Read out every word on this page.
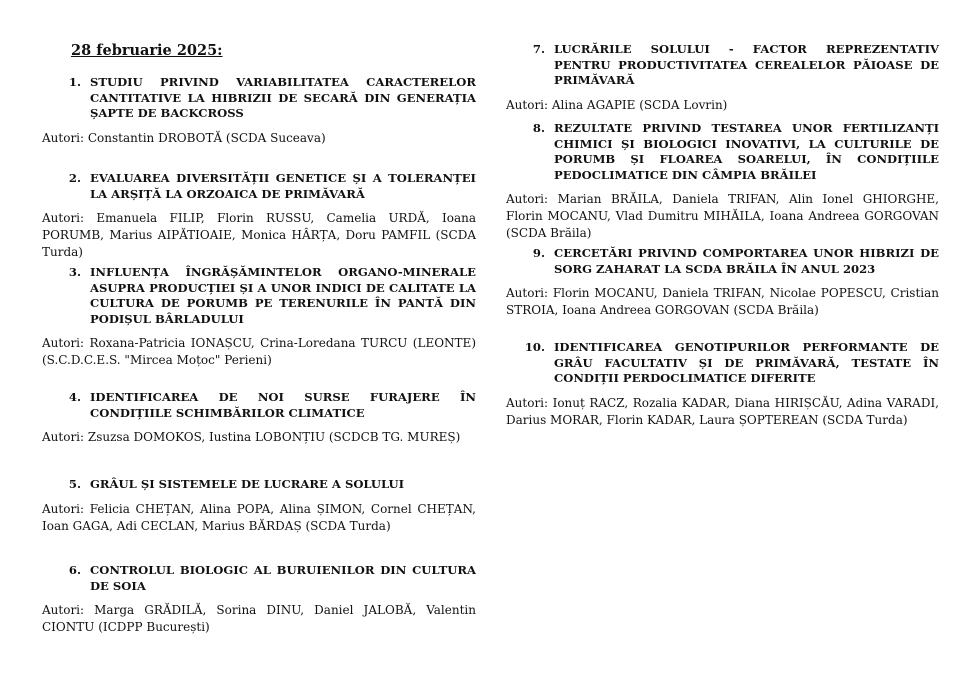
28 februarie 2025:
1. STUDIU PRIVIND VARIABILITATEA CARACTERELOR CANTITATIVE LA HIBRIZII DE SECARĂ DIN GENERAȚIA ȘAPTE DE BACKCROSS

Autori: Constantin DROBOTĂ (SCDA Suceava)

2. EVALUAREA DIVERSITĂȚII GENETICE ȘI A TOLERANȚEI LA ARȘIȚĂ LA ORZOAICA DE PRIMĂVARĂ

Autori: Emanuela FILIP, Florin RUSSU, Camelia URDĂ, Ioana PORUMB, Marius AIPĂTIOAIE, Monica HÂRȚA, Doru PAMFIL (SCDA Turda)

3. INFLUENȚA ÎNGRĂȘĂMINTELOR ORGANO-MINERALE ASUPRA PRODUCȚIEI ȘI A UNOR INDICI DE CALITATE LA CULTURA DE PORUMB PE TERENURILE ÎN PANTĂ DIN PODIȘUL BÂRLADULUI

Autori: Roxana-Patricia IONAȘCU, Crina-Loredana TURCU (LEONTE) (S.C.D.C.E.S. "Mircea Moțoc" Perieni)

4. IDENTIFICAREA DE NOI SURSE FURAJERE ÎN CONDIȚIILE SCHIMBĂRILOR CLIMATICE

Autori: Zsuzsa DOMOKOS, Iustina LOBONȚIU (SCDCB TG. MUREȘ)

5. GRÂUL ȘI SISTEMELE DE LUCRARE A SOLULUI

Autori: Felicia CHEȚAN, Alina POPA, Alina ȘIMON, Cornel CHEȚAN, Ioan GAGA, Adi CECLAN, Marius BĂRDAȘ (SCDA Turda)

6. CONTROLUL BIOLOGIC AL BURUIENILOR DIN CULTURA DE SOIA

Autori: Marga GRĂDILĂ, Sorina DINU, Daniel JALOBĂ, Valentin CIONTU (ICDPP București)

7. LUCRĂRILE SOLULUI - FACTOR REPREZENTATIV PENTRU PRODUCTIVITATEA CEREALELOR PĂIOASE DE PRIMĂVARĂ

Autori: Alina AGAPIE (SCDA Lovrin)

8. REZULTATE PRIVIND TESTAREA UNOR FERTILIZANȚI CHIMICI ȘI BIOLOGICI INOVATIVI, LA CULTURILE DE PORUMB ȘI FLOAREA SOARELUI, ÎN CONDIȚIILE PEDOCLIMATICE DIN CÂMPIA BRĂILEI

Autori: Marian BRĂILA, Daniela TRIFAN, Alin Ionel GHIORGHE, Florin MOCANU, Vlad Dumitru MIHĂILA, Ioana Andreea GORGOVAN (SCDA Brăila)

9. CERCETĂRI PRIVIND COMPORTAREA UNOR HIBRIZI DE SORG ZAHARAT LA SCDA BRĂILA ÎN ANUL 2023

Autori: Florin MOCANU, Daniela TRIFAN, Nicolae POPESCU, Cristian STROIA, Ioana Andreea GORGOVAN (SCDA Brăila)

10. IDENTIFICAREA GENOTIPURILOR PERFORMANTE DE GRÂU FACULTATIV ȘI DE PRIMĂVARĂ, TESTATE ÎN CONDIȚII PERDOCLIMATICE DIFERITE

Autori: Ionuț RACZ, Rozalia KADAR, Diana HIRIȘCĂU, Adina VARADI, Darius MORAR, Florin KADAR, Laura ȘOPTEREAN (SCDA Turda)
